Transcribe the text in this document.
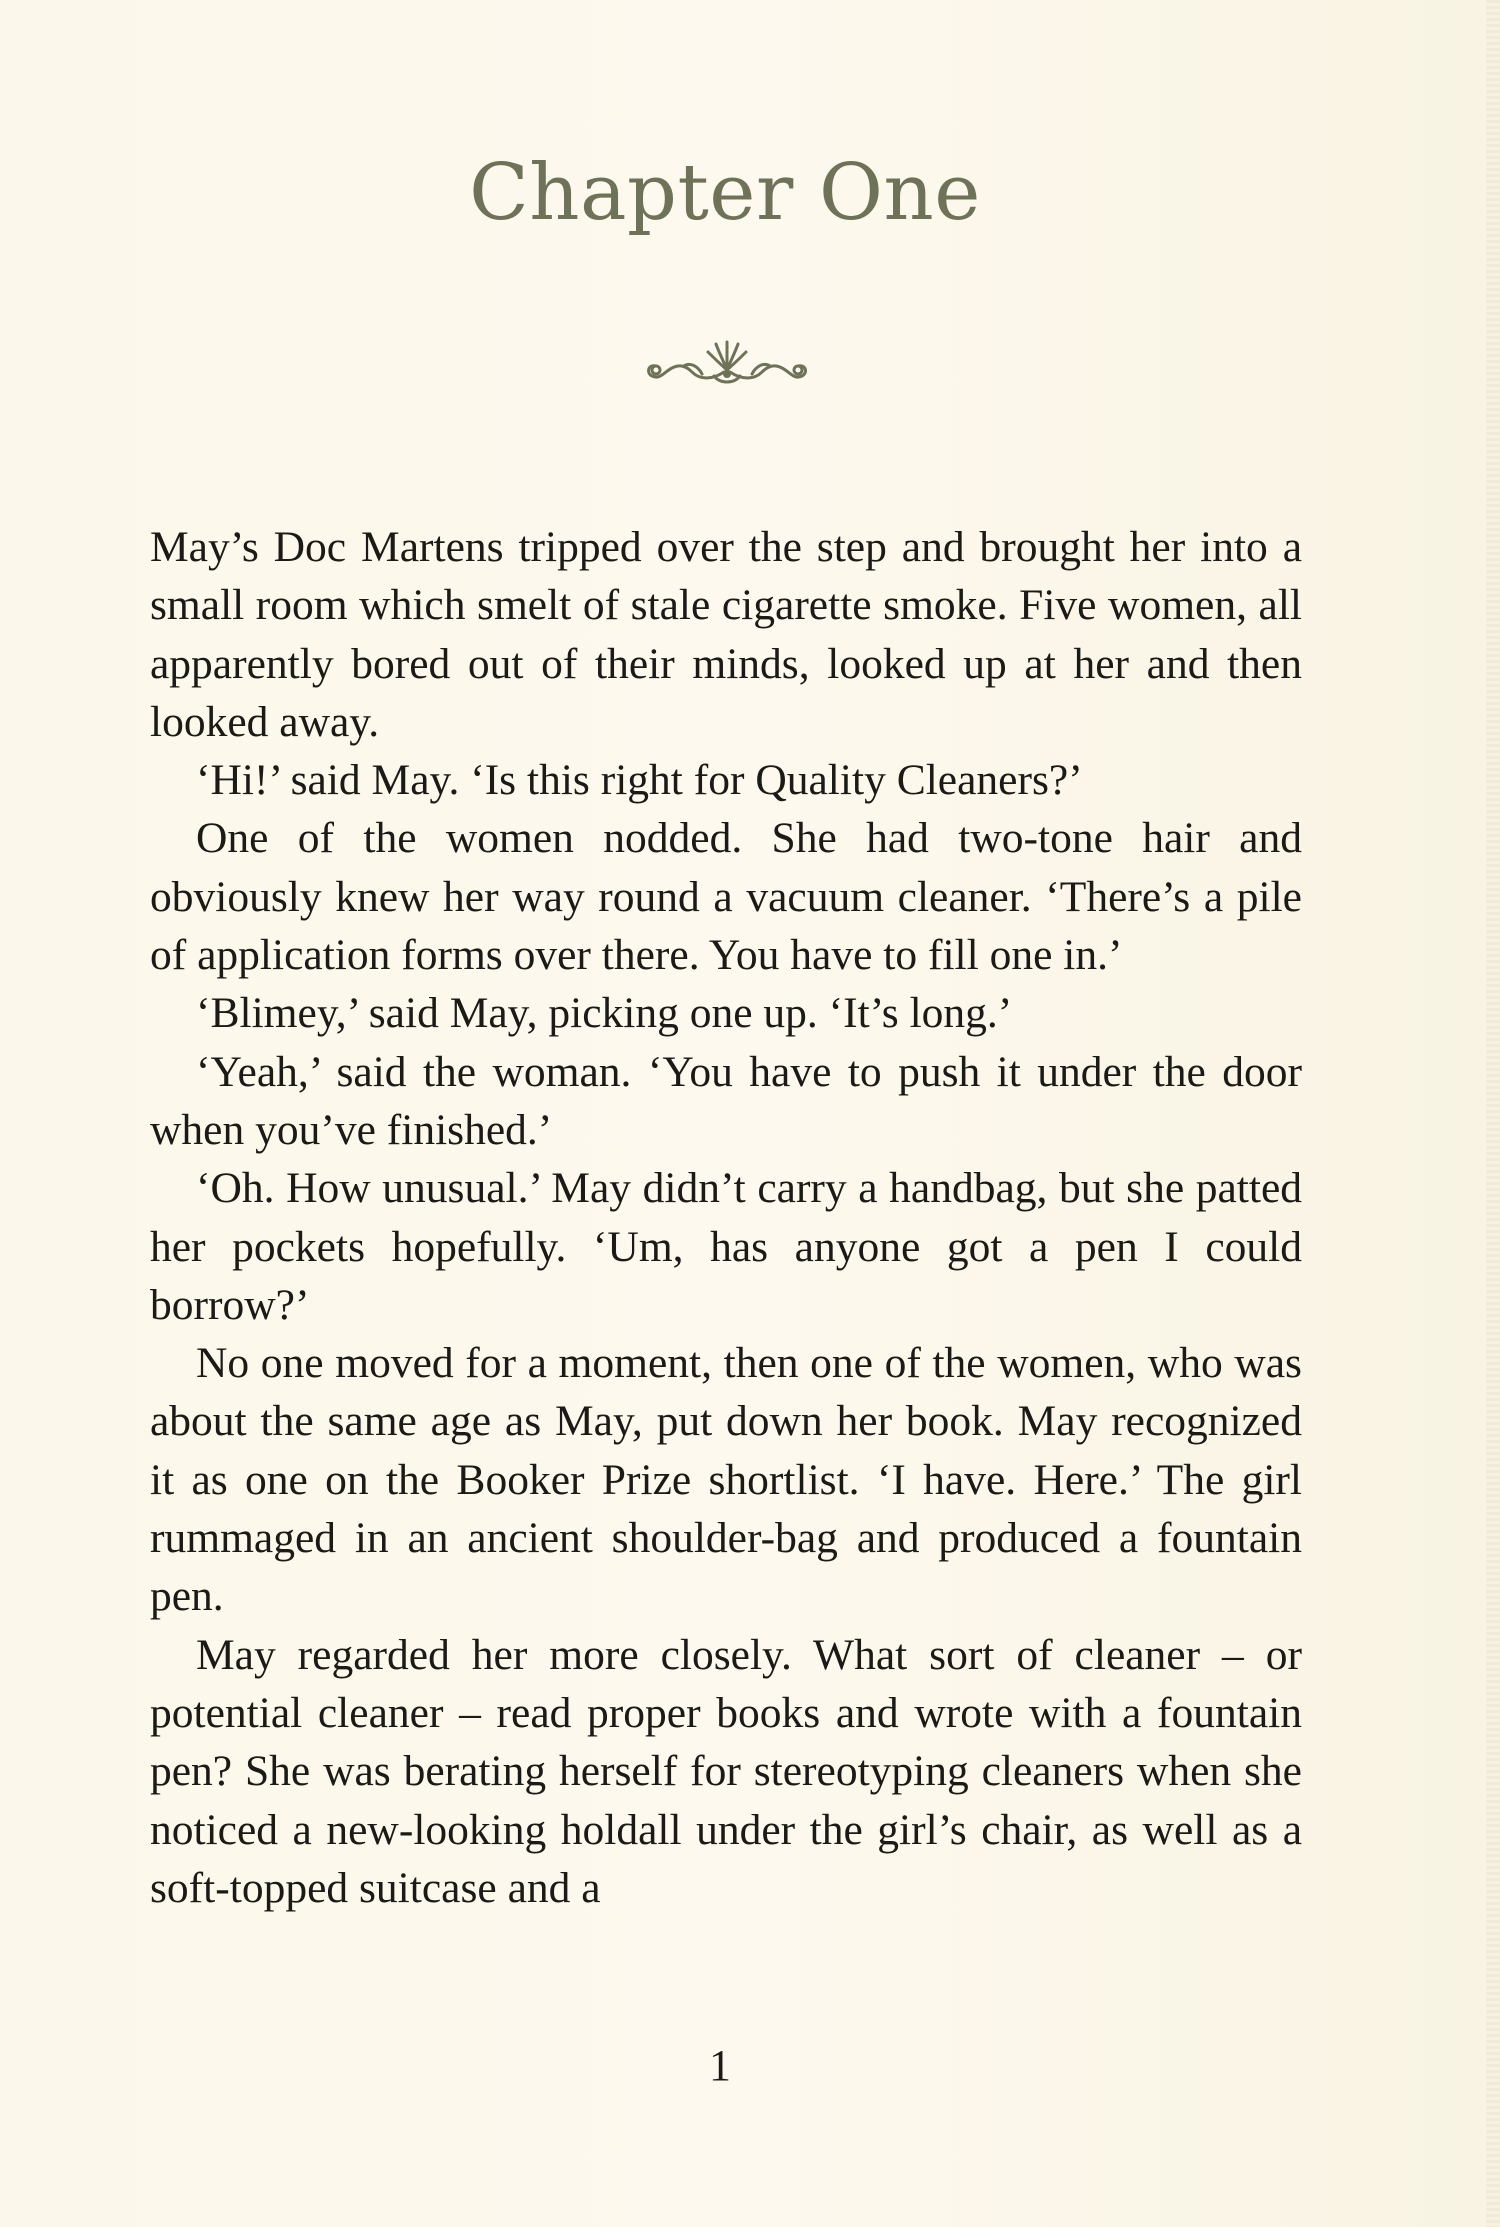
Chapter One

May’s Doc Martens tripped over the step and brought her into a small room which smelt of stale cigarette smoke. Five women, all apparently bored out of their minds, looked up at her and then looked away.

‘Hi!’ said May. ‘Is this right for Quality Cleaners?’

One of the women nodded. She had two-tone hair and obviously knew her way round a vacuum cleaner. ‘There’s a pile of application forms over there. You have to fill one in.’

‘Blimey,’ said May, picking one up. ‘It’s long.’

‘Yeah,’ said the woman. ‘You have to push it under the door when you’ve finished.’

‘Oh. How unusual.’ May didn’t carry a handbag, but she patted her pockets hopefully. ‘Um, has anyone got a pen I could borrow?’

No one moved for a moment, then one of the women, who was about the same age as May, put down her book. May recognized it as one on the Booker Prize shortlist. ‘I have. Here.’ The girl rummaged in an ancient shoulder-bag and produced a fountain pen.

May regarded her more closely. What sort of cleaner – or potential cleaner – read proper books and wrote with a fountain pen? She was berating herself for stereotyping cleaners when she noticed a new-looking holdall under the girl’s chair, as well as a soft-topped suitcase and a

1
